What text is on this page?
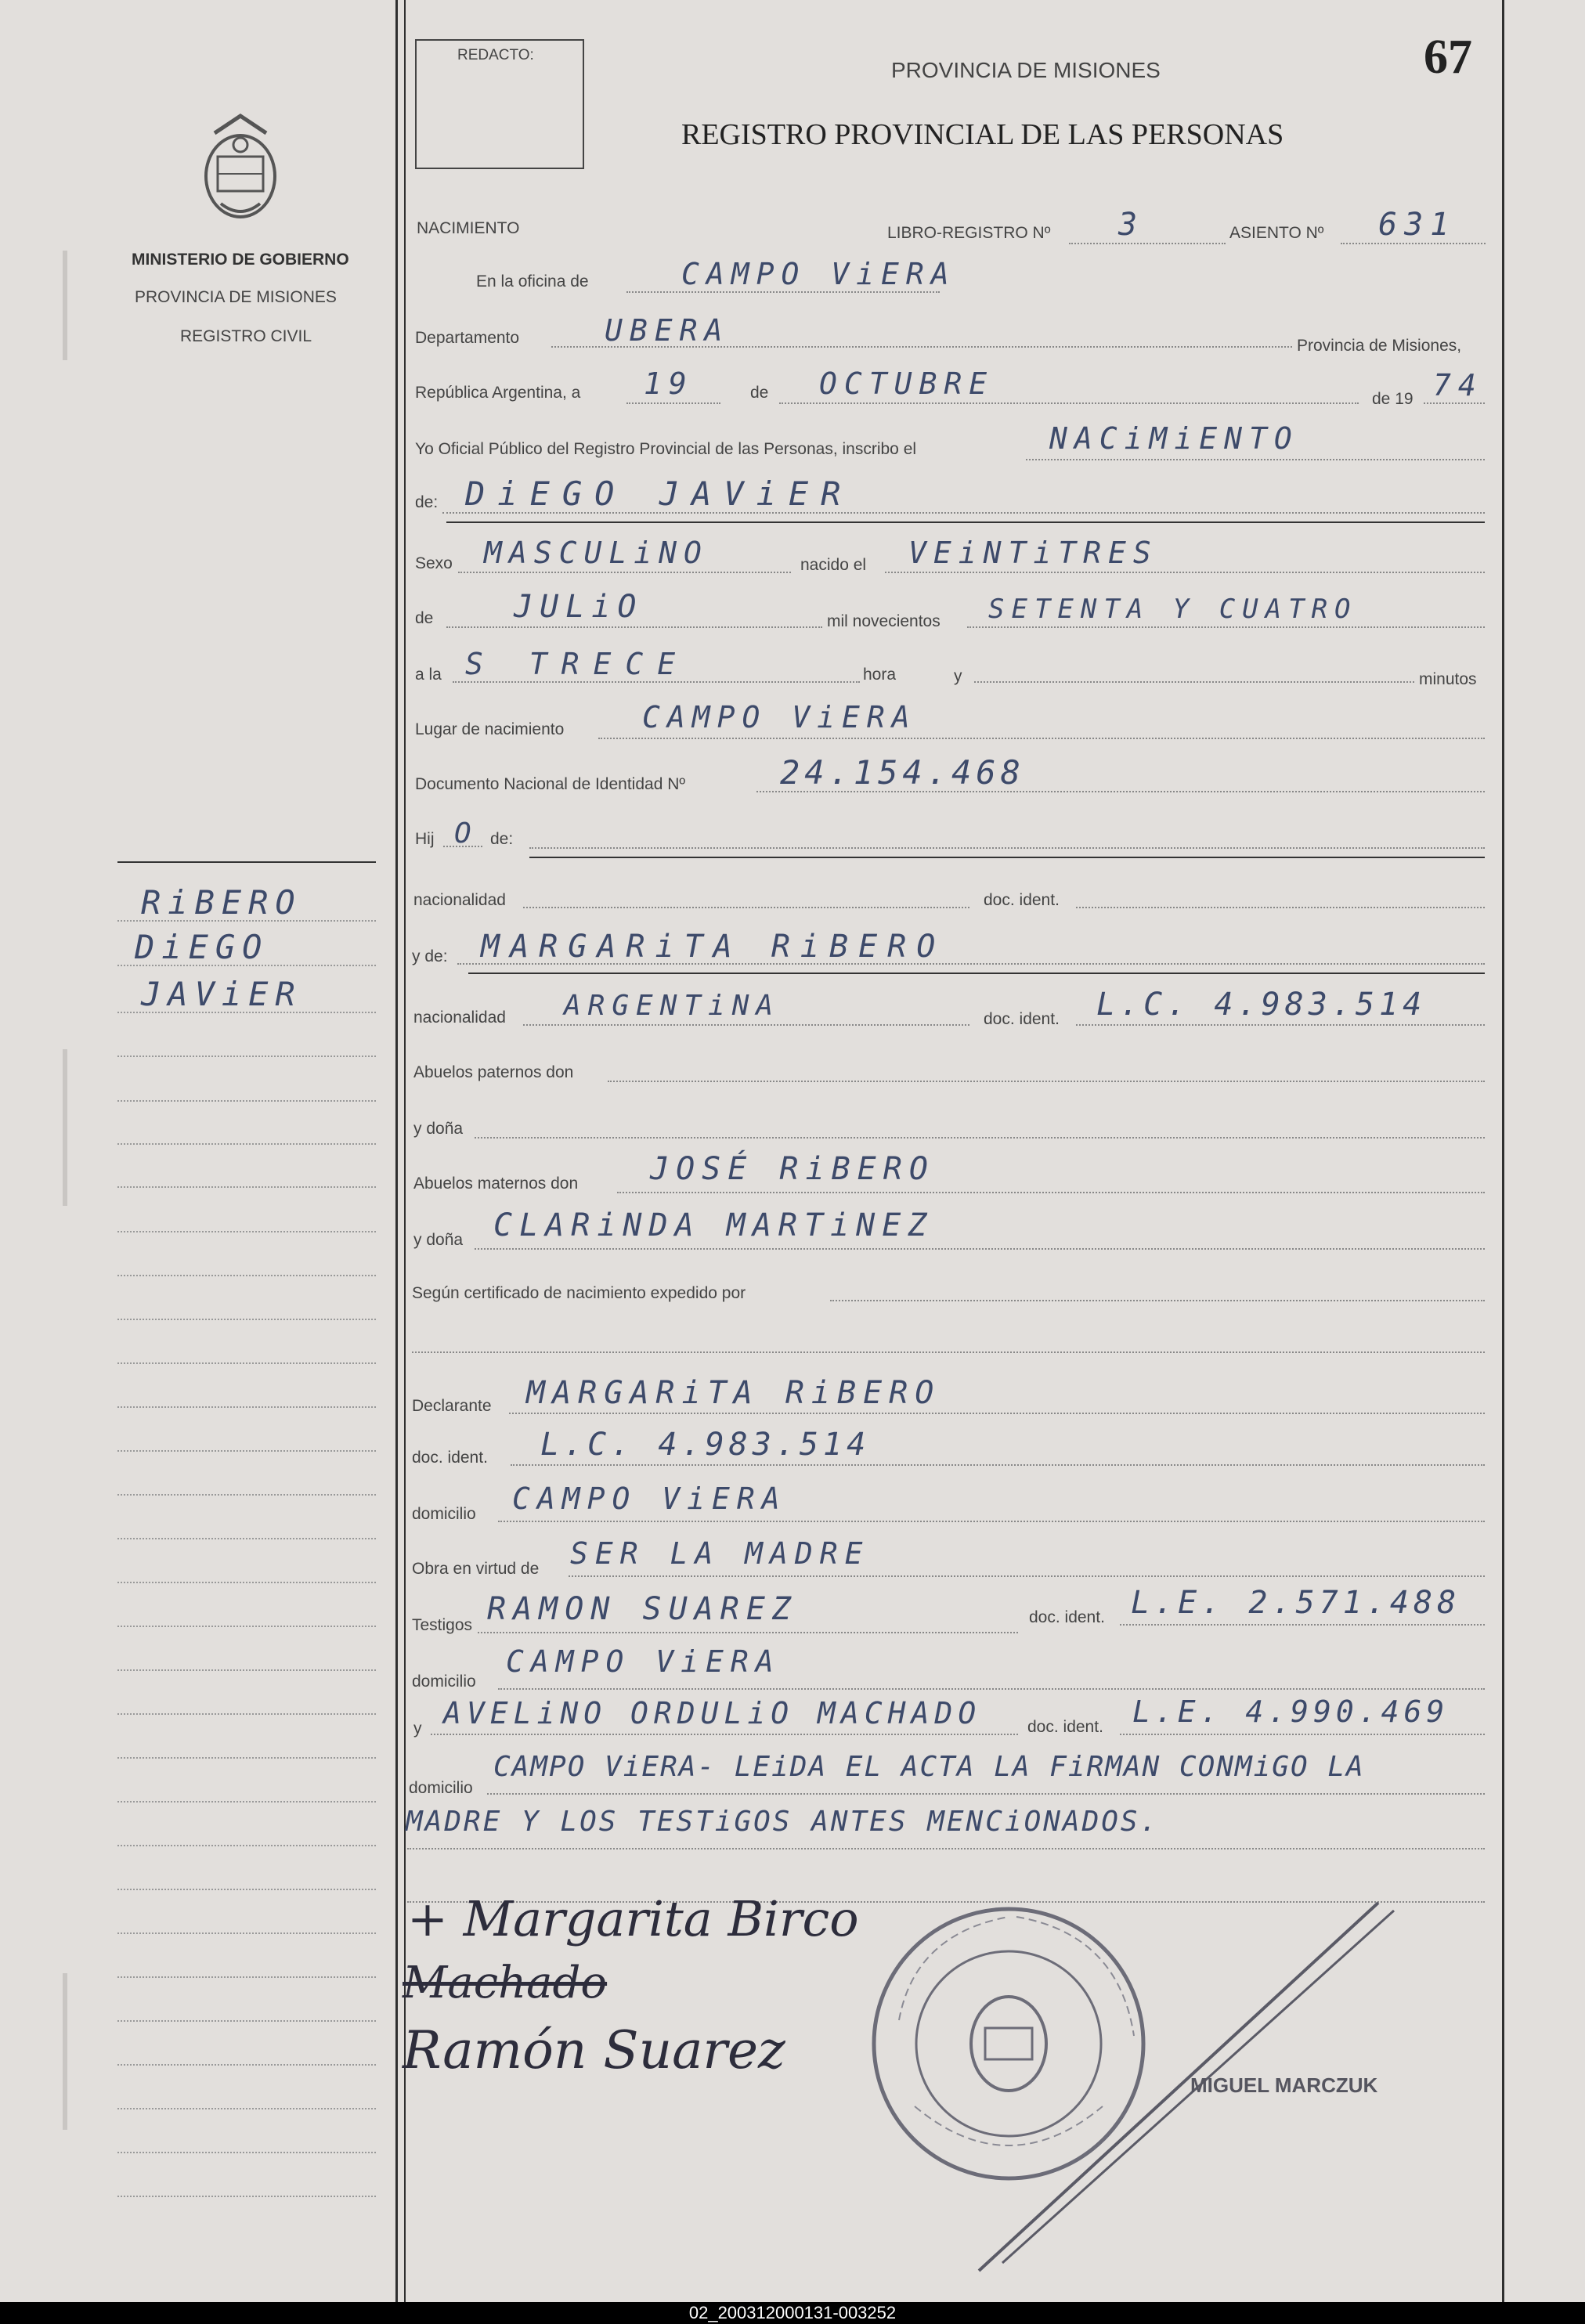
MINISTERIO DE GOBIERNO
PROVINCIA DE MISIONES
REGISTRO CIVIL
RiBERO
DiEGO
JAViER
REDACTO:
PROVINCIA DE MISIONES	67
REGISTRO PROVINCIAL DE LAS PERSONAS
NACIMIENTO	LIBRO-REGISTRO Nº 3	ASIENTO Nº 631
En la oficina de	CAMPO ViERA
Departamento	UBERA	Provincia de Misiones,
República Argentina, a 19	de OCTUBRE	de 19 74
Yo Oficial Público del Registro Provincial de las Personas, inscribo el	NACiMiENTO
de: DiEGO JAViER
Sexo MASCULiNO	nacido el VEiNTiTRES
de	JULiO	mil novecientos SETENTA Y CUATRO
a la S TRECE	hora	y	minutos
Lugar de nacimiento	CAMPO ViERA
Documento Nacional de Identidad Nº	24.154.468
Hij O de:
nacionalidad	doc. ident.
y de: MARGARiTA RiBERO
nacionalidad ARGENTiNA	doc. ident. L.C. 4.983.514
Abuelos paternos don
y doña
Abuelos maternos don JOSÉ RiBERO
y doña CLARiNDA MARTiNEZ
Según certificado de nacimiento expedido por
Declarante MARGARiTA RiBERO
doc. ident. L.C. 4.983.514
domicilio CAMPO ViERA
Obra en virtud de SER LA MADRE
Testigos RAMON SUAREZ	doc. ident. L.E. 2.571.488
domicilio
CAMPO ViERA
y AVELiNO ORDULiO MACHADO	doc. ident. L.E. 4.990.469
domicilio
CAMPO ViERA- LEiDA EL ACTA LA FiRMAN CONMiGO LA
MADRE Y LOS TESTiGOS ANTES MENCiONADOS.
+ Margarita Birco
Machado
Ramón Suarez
MIGUEL MARCZUK
02_200312000131-003252
